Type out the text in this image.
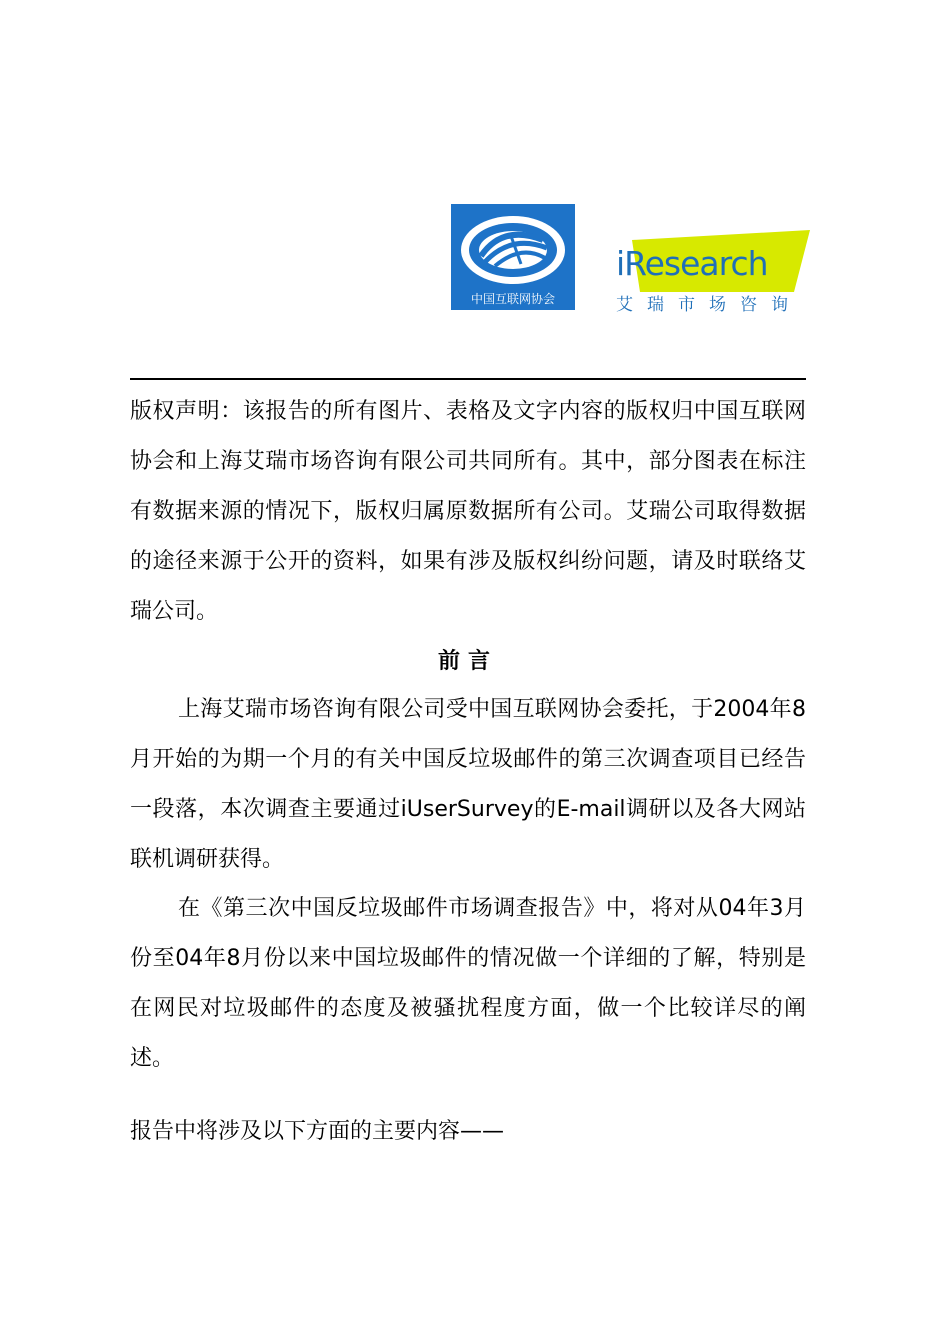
中国互联网协会
iResearch
艾瑞市场咨询

版权声明：该报告的所有图片、表格及文字内容的版权归中国互联网协会和上海艾瑞市场咨询有限公司共同所有。其中，部分图表在标注有数据来源的情况下，版权归属原数据所有公司。艾瑞公司取得数据的途径来源于公开的资料，如果有涉及版权纠纷问题，请及时联络艾瑞公司。

前言

上海艾瑞市场咨询有限公司受中国互联网协会委托，于2004年8月开始的为期一个月的有关中国反垃圾邮件的第三次调查项目已经告一段落，本次调查主要通过iUserSurvey的E-mail调研以及各大网站联机调研获得。

在《第三次中国反垃圾邮件市场调查报告》中，将对从04年3月份至04年8月份以来中国垃圾邮件的情况做一个详细的了解，特别是在网民对垃圾邮件的态度及被骚扰程度方面，做一个比较详尽的阐述。

报告中将涉及以下方面的主要内容——
